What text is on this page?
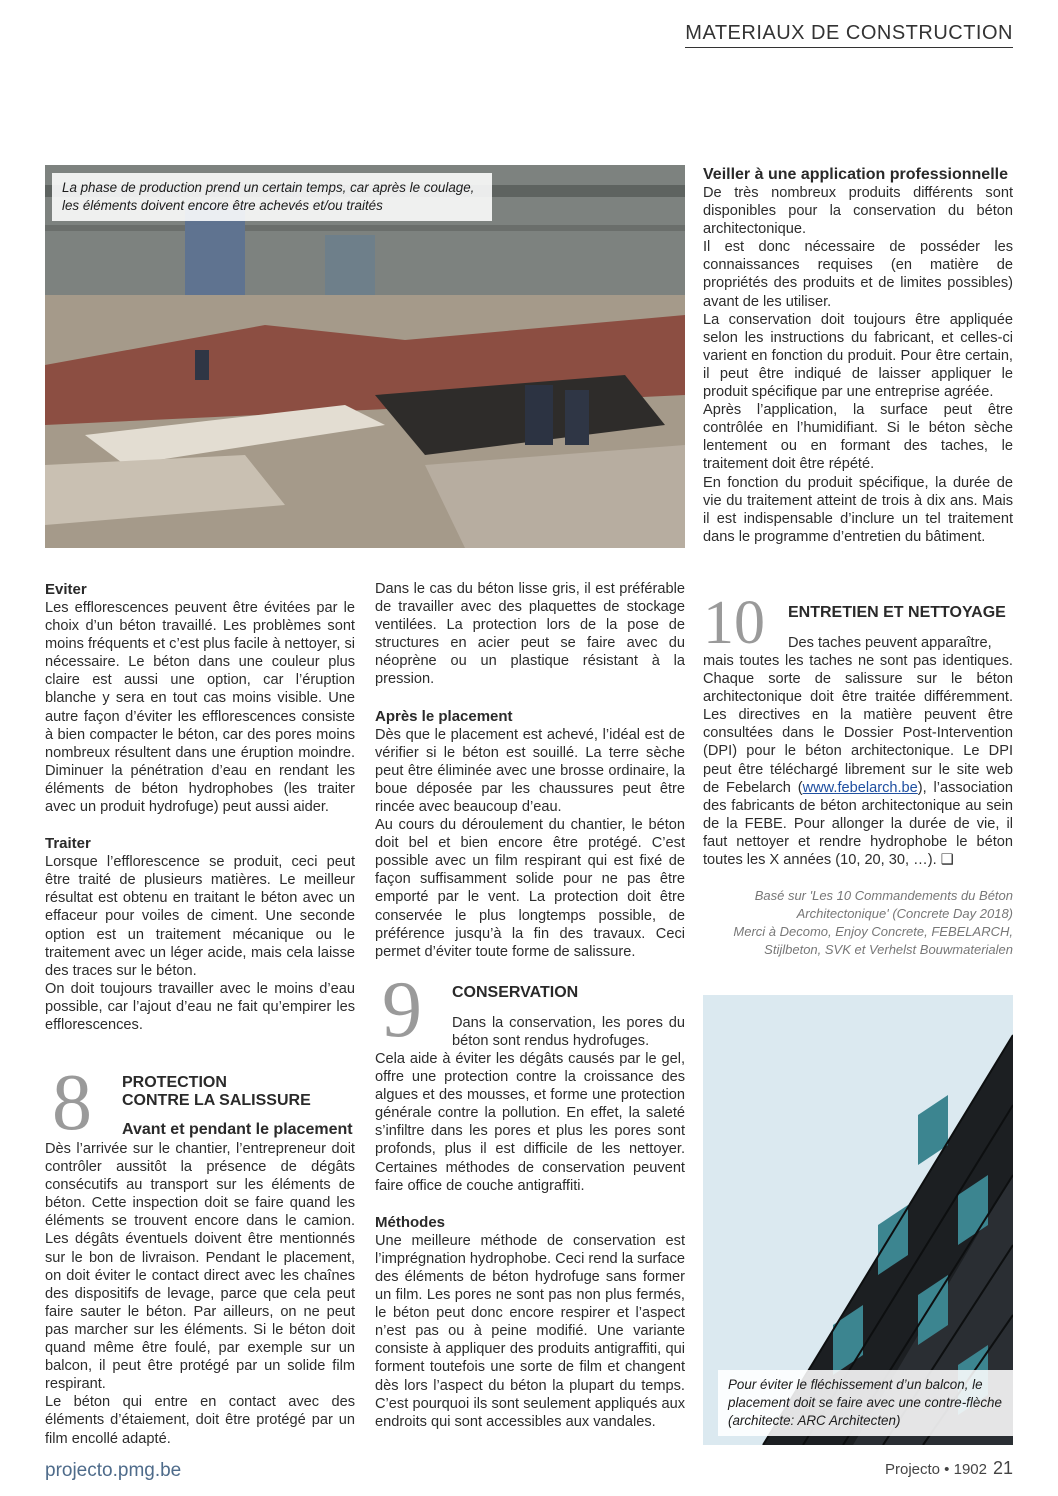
MATERIAUX DE CONSTRUCTION
La phase de production prend un certain temps, car après le coulage, les éléments doivent encore être achevés et/ou traités
Eviter

Les efflorescences peuvent être évitées par le choix d’un béton travaillé. Les problèmes sont moins fréquents et c’est plus facile à nettoyer, si nécessaire. Le béton dans une couleur plus claire est aussi une option, car l’éruption blanche y sera en tout cas moins visible. Une autre façon d’éviter les efflorescences consiste à bien compacter le béton, car des pores moins nombreux résultent dans une éruption moindre. Diminuer la pénétration d’eau en rendant les éléments de béton hydrophobes (les traiter avec un produit hydrofuge) peut aussi aider.

Traiter

Lorsque l’efflorescence se produit, ceci peut être traité de plusieurs matières. Le meilleur résultat est obtenu en traitant le béton avec un effaceur pour voiles de ciment. Une seconde option est un traitement mécanique ou le traitement avec un léger acide, mais cela laisse des traces sur le béton.

On doit toujours travailler avec le moins d’eau possible, car l’ajout d’eau ne fait qu’empirer les efflorescences.

8 PROTECTION
CONTRE LA SALISSURE
Avant et pendant le placement

Dès l’arrivée sur le chantier, l’entrepreneur doit contrôler aussitôt la présence de dégâts consécutifs au transport sur les éléments de béton. Cette inspection doit se faire quand les éléments se trouvent encore dans le camion. Les dégâts éventuels doivent être mentionnés sur le bon de livraison. Pendant le placement, on doit éviter le contact direct avec les chaînes des dispositifs de levage, parce que cela peut faire sauter le béton. Par ailleurs, on ne peut pas marcher sur les éléments. Si le béton doit quand même être foulé, par exemple sur un balcon, il peut être protégé par un solide film respirant.

Le béton qui entre en contact avec des éléments d’étaiement, doit être protégé par un film encollé adapté.

Dans le cas du béton lisse gris, il est préférable de travailler avec des plaquettes de stockage ventilées. La protection lors de la pose de structures en acier peut se faire avec du néoprène ou un plastique résistant à la pression.

Après le placement

Dès que le placement est achevé, l’idéal est de vérifier si le béton est souillé. La terre sèche peut être éliminée avec une brosse ordinaire, la boue déposée par les chaussures peut être rincée avec beaucoup d’eau.

Au cours du déroulement du chantier, le béton doit bel et bien encore être protégé. C’est possible avec un film respirant qui est fixé de façon suffisamment solide pour ne pas être emporté par le vent. La protection doit être conservée le plus longtemps possible, de préférence jusqu’à la fin des travaux. Ceci permet d’éviter toute forme de salissure.

9 CONSERVATION
Dans la conservation, les pores du béton sont rendus hydrofuges.

Cela aide à éviter les dégâts causés par le gel, offre une protection contre la croissance des algues et des mousses, et forme une protection générale contre la pollution. En effet, la saleté s’infiltre dans les pores et plus les pores sont profonds, plus il est difficile de les nettoyer. Certaines méthodes de conservation peuvent faire office de couche antigraffiti.

Méthodes

Une meilleure méthode de conservation est l’imprégnation hydrophobe. Ceci rend la surface des éléments de béton hydrofuge sans former un film. Les pores ne sont pas non plus fermés, le béton peut donc encore respirer et l’aspect n’est pas ou à peine modifié. Une variante consiste à appliquer des produits antigraffiti, qui forment toutefois une sorte de film et changent dès lors l’aspect du béton la plupart du temps. C’est pourquoi ils sont seulement appliqués aux endroits qui sont accessibles aux vandales.

Veiller à une application professionnelle

De très nombreux produits différents sont disponibles pour la conservation du béton architectonique.

Il est donc nécessaire de posséder les connaissances requises (en matière de propriétés des produits et de limites possibles) avant de les utiliser.

La conservation doit toujours être appliquée selon les instructions du fabricant, et celles-ci varient en fonction du produit. Pour être certain, il peut être indiqué de laisser appliquer le produit spécifique par une entreprise agréée.

Après l’application, la surface peut être contrôlée en l’humidifiant. Si le béton sèche lentement ou en formant des taches, le traitement doit être répété.

En fonction du produit spécifique, la durée de vie du traitement atteint de trois à dix ans. Mais il est indispensable d’inclure un tel traitement dans le programme d’entretien du bâtiment.

10 ENTRETIEN ET NETTOYAGE
Des taches peuvent apparaître,

mais toutes les taches ne sont pas identiques. Chaque sorte de salissure sur le béton architectonique doit être traitée différemment. Les directives en la matière peuvent être consultées dans le Dossier Post-Intervention (DPI) pour le béton architectonique. Le DPI peut être téléchargé librement sur le site web de Febelarch (www.febelarch.be), l’association des fabricants de béton architectonique au sein de la FEBE. Pour allonger la durée de vie, il faut nettoyer et rendre hydrophobe le béton toutes les X années (10, 20, 30, …). ❑

Basé sur 'Les 10 Commandements du Béton
Architectonique' (Concrete Day 2018)
Merci à Decomo, Enjoy Concrete, FEBELARCH,
Stijlbeton, SVK et Verhelst Bouwmaterialen
Pour éviter le fléchissement d’un balcon, le placement doit se faire avec une contre-flèche (architecte: ARC Architecten)
projecto.pmg.be	Projecto • 1902 21
